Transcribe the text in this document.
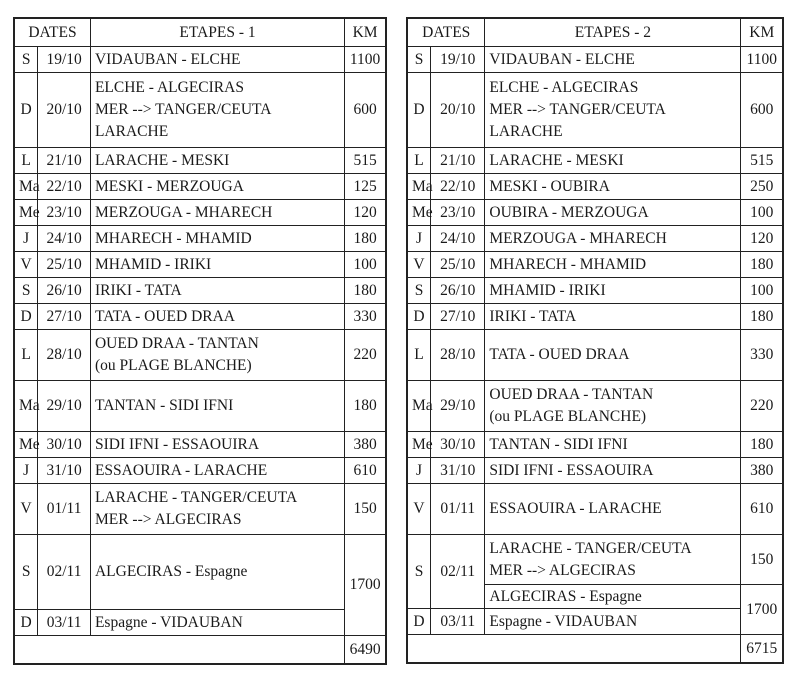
DATES		ETAPES - 1	KM
S	19/10	VIDAUBAN - ELCHE	1100
D	20/10	ELCHE - ALGECIRAS
MER --> TANGER/CEUTA
LARACHE	600
L	21/10	LARACHE - MESKI	515
Ma	22/10	MESKI - MERZOUGA	125
Me	23/10	MERZOUGA - MHARECH	120
J	24/10	MHARECH - MHAMID	180
V	25/10	MHAMID - IRIKI	100
S	26/10	IRIKI - TATA	180
D	27/10	TATA - OUED DRAA	330
L	28/10	OUED DRAA - TANTAN
(ou PLAGE BLANCHE)	220
Ma	29/10	TANTAN - SIDI IFNI	180
Me	30/10	SIDI IFNI - ESSAOUIRA	380
J	31/10	ESSAOUIRA - LARACHE	610
V	01/11	LARACHE - TANGER/CEUTA
MER --> ALGECIRAS	150
S	02/11	ALGECIRAS - Espagne	1700
D	03/11	Espagne - VIDAUBAN	

			6490
DATES		ETAPES - 2	KM
S	19/10	VIDAUBAN - ELCHE	1100
D	20/10	ELCHE - ALGECIRAS
MER --> TANGER/CEUTA
LARACHE	600
L	21/10	LARACHE - MESKI	515
Ma	22/10	MESKI - OUBIRA	250
Me	23/10	OUBIRA - MERZOUGA	100
J	24/10	MERZOUGA - MHARECH	120
V	25/10	MHARECH - MHAMID	180
S	26/10	MHAMID - IRIKI	100
D	27/10	IRIKI - TATA	180
L	28/10	TATA - OUED DRAA	330
Ma	29/10	OUED DRAA - TANTAN
(ou PLAGE BLANCHE)	220
Me	30/10	TANTAN - SIDI IFNI	180
J	31/10	SIDI IFNI - ESSAOUIRA	380
V	01/11	ESSAOUIRA - LARACHE	610
S	02/11	LARACHE - TANGER/CEUTA
MER --> ALGECIRAS	150

		ALGECIRAS - Espagne	1700
D	03/11	Espagne - VIDAUBAN	

			6715
